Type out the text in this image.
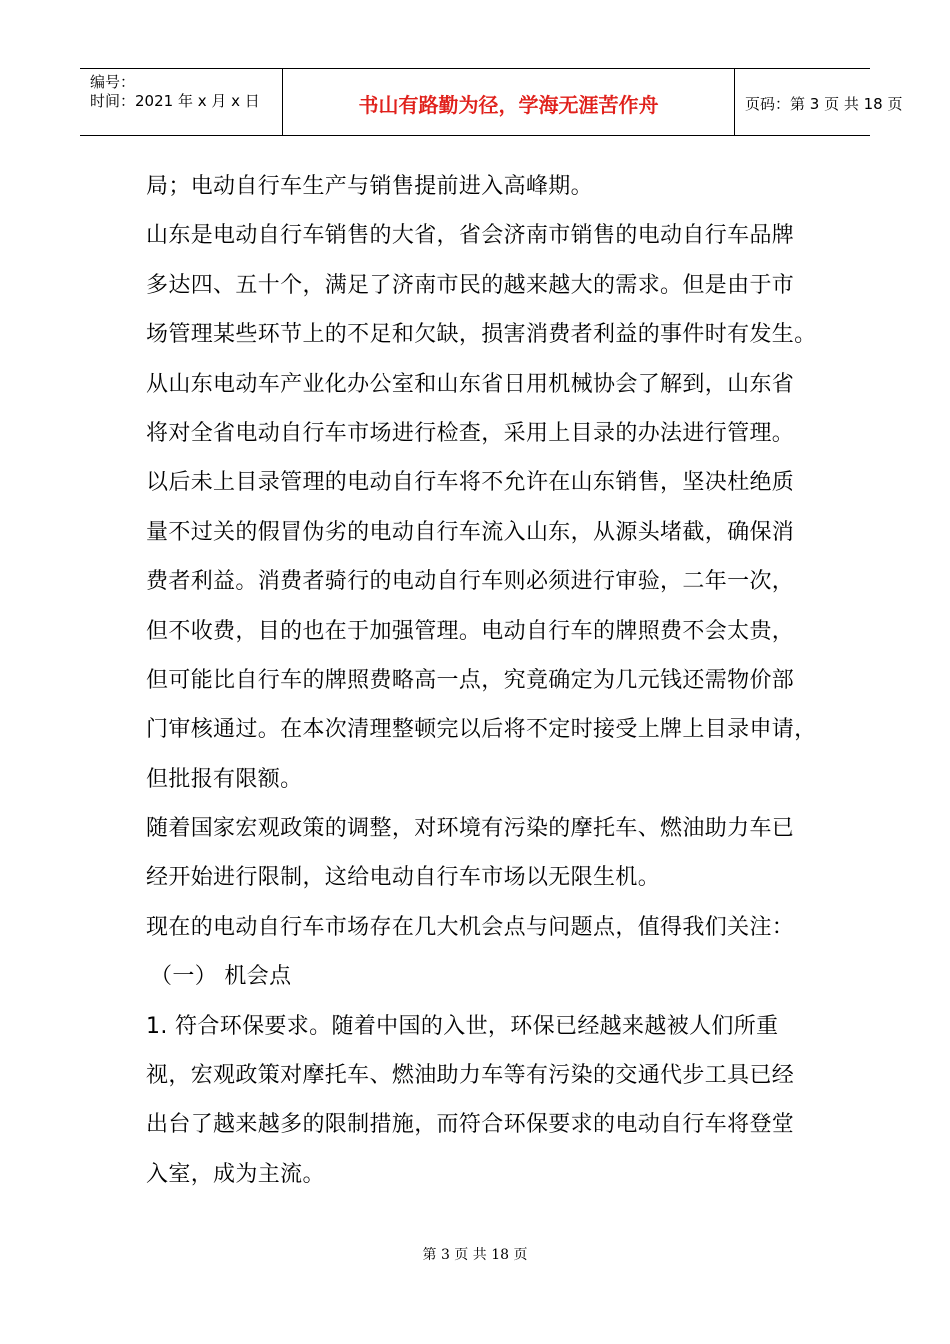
编号：
时间：2021 年 x 月 x 日	书山有路勤为径，学海无涯苦作舟	页码：第 3 页 共 18 页
局；电动自行车生产与销售提前进入高峰期。
山东是电动自行车销售的大省，省会济南市销售的电动自行车品牌
多达四、五十个，满足了济南市民的越来越大的需求。但是由于市
场管理某些环节上的不足和欠缺，损害消费者利益的事件时有发生。
从山东电动车产业化办公室和山东省日用机械协会了解到，山东省
将对全省电动自行车市场进行检查，采用上目录的办法进行管理。
以后未上目录管理的电动自行车将不允许在山东销售，坚决杜绝质
量不过关的假冒伪劣的电动自行车流入山东，从源头堵截，确保消
费者利益。消费者骑行的电动自行车则必须进行审验，二年一次，
但不收费，目的也在于加强管理。电动自行车的牌照费不会太贵，
但可能比自行车的牌照费略高一点，究竟确定为几元钱还需物价部
门审核通过。在本次清理整顿完以后将不定时接受上牌上目录申请，
但批报有限额。
随着国家宏观政策的调整，对环境有污染的摩托车、燃油助力车已
经开始进行限制，这给电动自行车市场以无限生机。
现在的电动自行车市场存在几大机会点与问题点，值得我们关注：
（一） 机会点
1. 符合环保要求。随着中国的入世，环保已经越来越被人们所重
视，宏观政策对摩托车、燃油助力车等有污染的交通代步工具已经
出台了越来越多的限制措施，而符合环保要求的电动自行车将登堂
入室，成为主流。
第 3 页 共 18 页
